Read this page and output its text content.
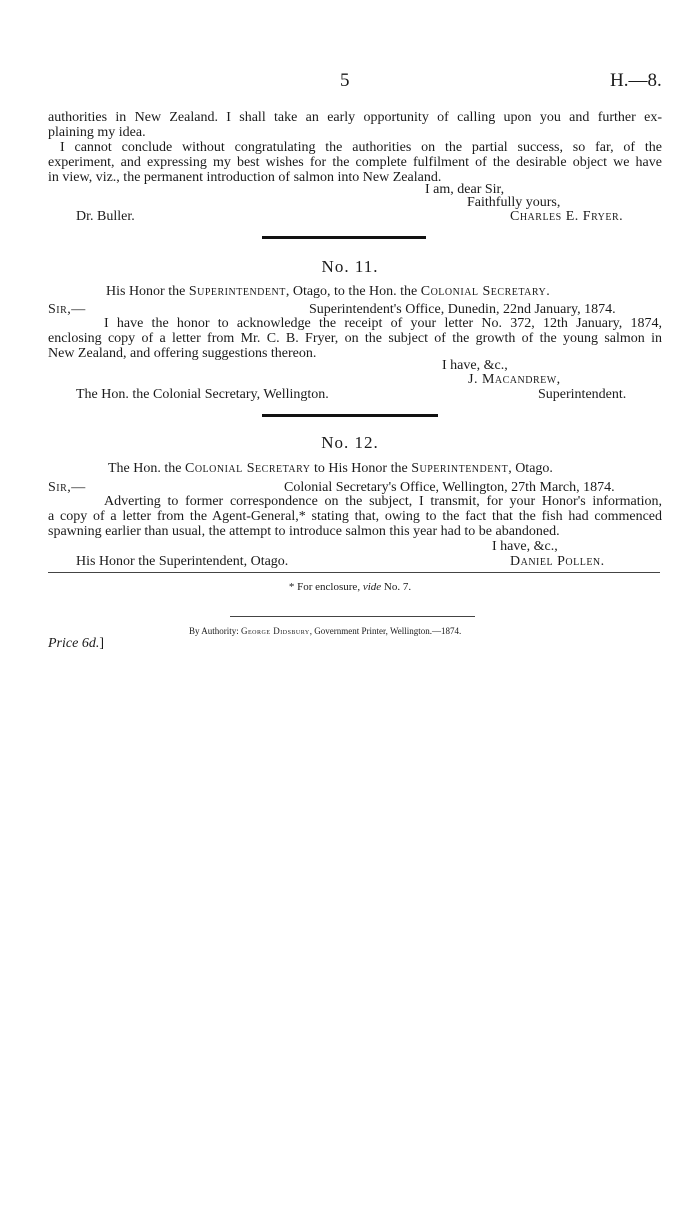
5	H.—8.
authorities in New Zealand. I shall take an early opportunity of calling upon you and further ex-
plaining my idea.
I cannot conclude without congratulating the authorities on the partial success, so far, of the
experiment, and expressing my best wishes for the complete fulfilment of the desirable object we have
in view, viz., the permanent introduction of salmon into New Zealand.
I am, dear Sir,
Faithfully yours,
Dr. Buller.	Charles E. Fryer.
No. 11.
His Honor the Superintendent, Otago, to the Hon. the Colonial Secretary.
Sir,—	Superintendent's Office, Dunedin, 22nd January, 1874.
I have the honor to acknowledge the receipt of your letter No. 372, 12th January, 1874,
enclosing copy of a letter from Mr. C. B. Fryer, on the subject of the growth of the young salmon in
New Zealand, and offering suggestions thereon.
I have, &c.,
J. Macandrew,
The Hon. the Colonial Secretary, Wellington.	Superintendent.
No. 12.
The Hon. the Colonial Secretary to His Honor the Superintendent, Otago.
Sir,—	Colonial Secretary's Office, Wellington, 27th March, 1874.
Adverting to former correspondence on the subject, I transmit, for your Honor's information,
a copy of a letter from the Agent-General,* stating that, owing to the fact that the fish had commenced
spawning earlier than usual, the attempt to introduce salmon this year had to be abandoned.
I have, &c.,
His Honor the Superintendent, Otago.	Daniel Pollen.
* For enclosure, vide No. 7.
By Authority: George Didsbury, Government Printer, Wellington.—1874.
Price 6d.]
